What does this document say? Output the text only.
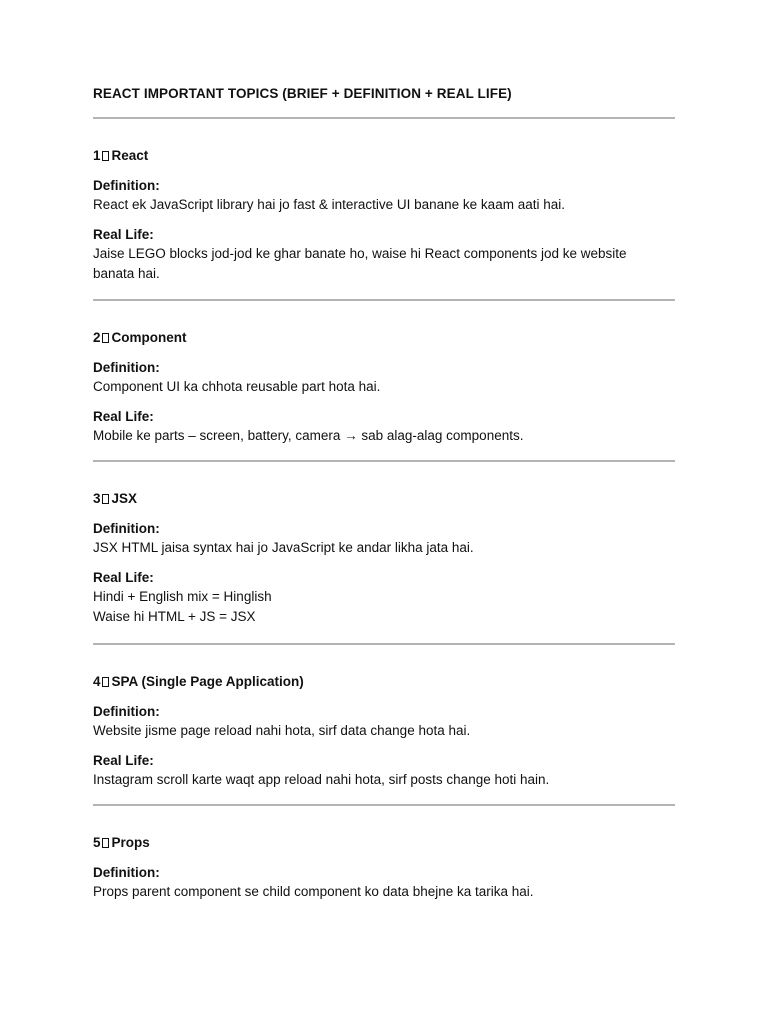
REACT IMPORTANT TOPICS (BRIEF + DEFINITION + REAL LIFE)
1 React
Definition:
React ek JavaScript library hai jo fast & interactive UI banane ke kaam aati hai.
Real Life:
Jaise LEGO blocks jod-jod ke ghar banate ho, waise hi React components jod ke website
banata hai.
2 Component
Definition:
Component UI ka chhota reusable part hota hai.
Real Life:
Mobile ke parts – screen, battery, camera → sab alag-alag components.
3 JSX
Definition:
JSX HTML jaisa syntax hai jo JavaScript ke andar likha jata hai.
Real Life:
Hindi + English mix = Hinglish
Waise hi HTML + JS = JSX
4 SPA (Single Page Application)
Definition:
Website jisme page reload nahi hota, sirf data change hota hai.
Real Life:
Instagram scroll karte waqt app reload nahi hota, sirf posts change hoti hain.
5 Props
Definition:
Props parent component se child component ko data bhejne ka tarika hai.
